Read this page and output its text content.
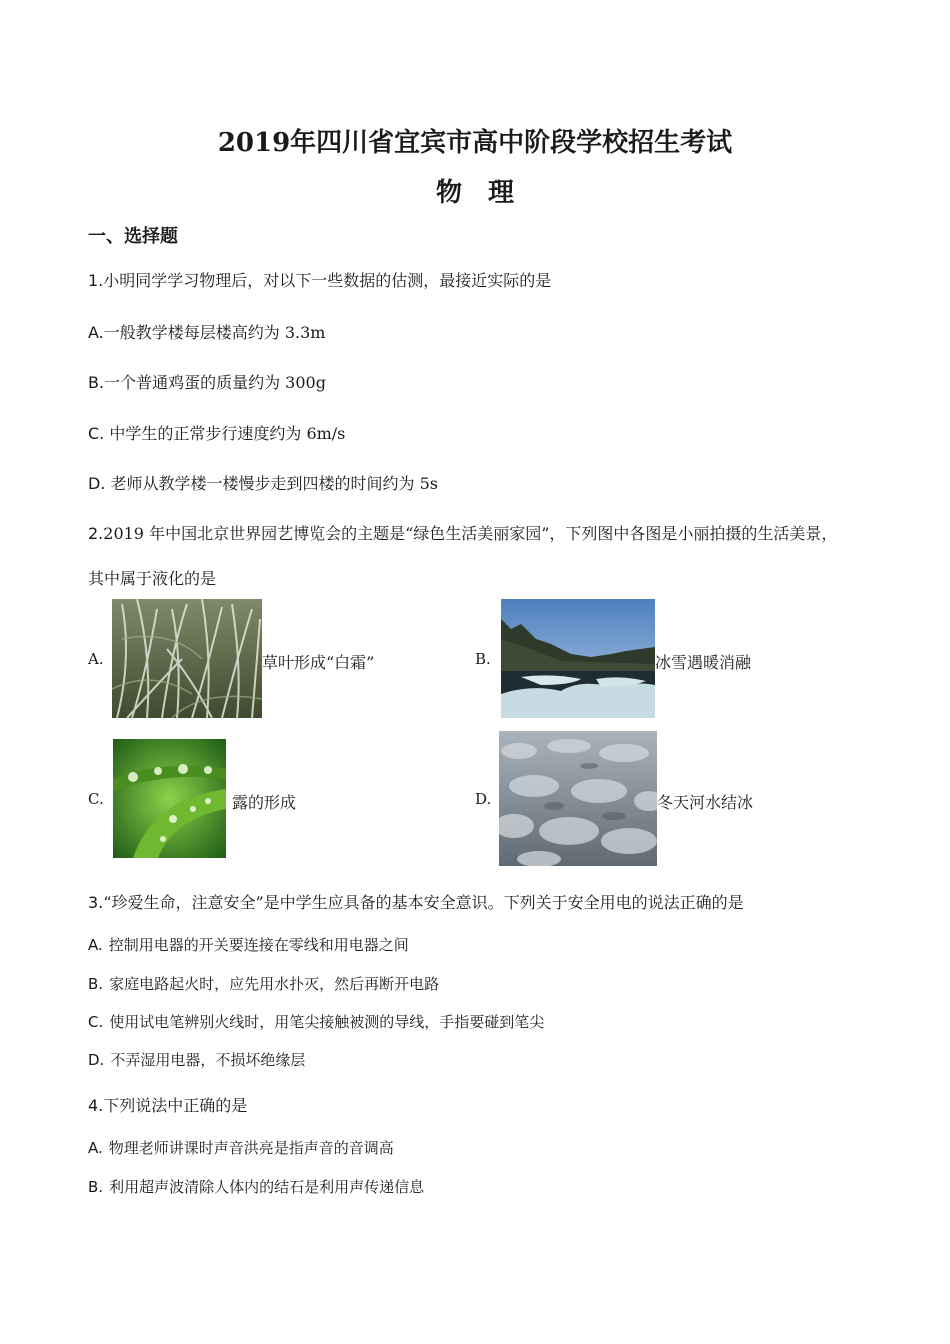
2019年四川省宜宾市高中阶段学校招生考试
物　理
一、选择题
1.小明同学学习物理后，对以下一些数据的估测，最接近实际的是
A.一般教学楼每层楼高约为 3.3m
B.一个普通鸡蛋的质量约为 300g
C. 中学生的正常步行速度约为 6m/s
D. 老师从教学楼一楼慢步走到四楼的时间约为 5s
2.2019 年中国北京世界园艺博览会的主题是“绿色生活美丽家园”，下列图中各图是小丽拍摄的生活美景，
其中属于液化的是
A.	草叶形成“白霜”	B.	冰雪遇暖消融
C.	露的形成	D.	冬天河水结冰
3.“珍爱生命，注意安全”是中学生应具备的基本安全意识。下列关于安全用电的说法正确的是
A. 控制用电器的开关要连接在零线和用电器之间
B. 家庭电路起火时，应先用水扑灭，然后再断开电路
C. 使用试电笔辨别火线时，用笔尖接触被测的导线，手指要碰到笔尖
D. 不弄湿用电器，不损坏绝缘层
4.下列说法中正确的是
A. 物理老师讲课时声音洪亮是指声音的音调高
B. 利用超声波清除人体内的结石是利用声传递信息
